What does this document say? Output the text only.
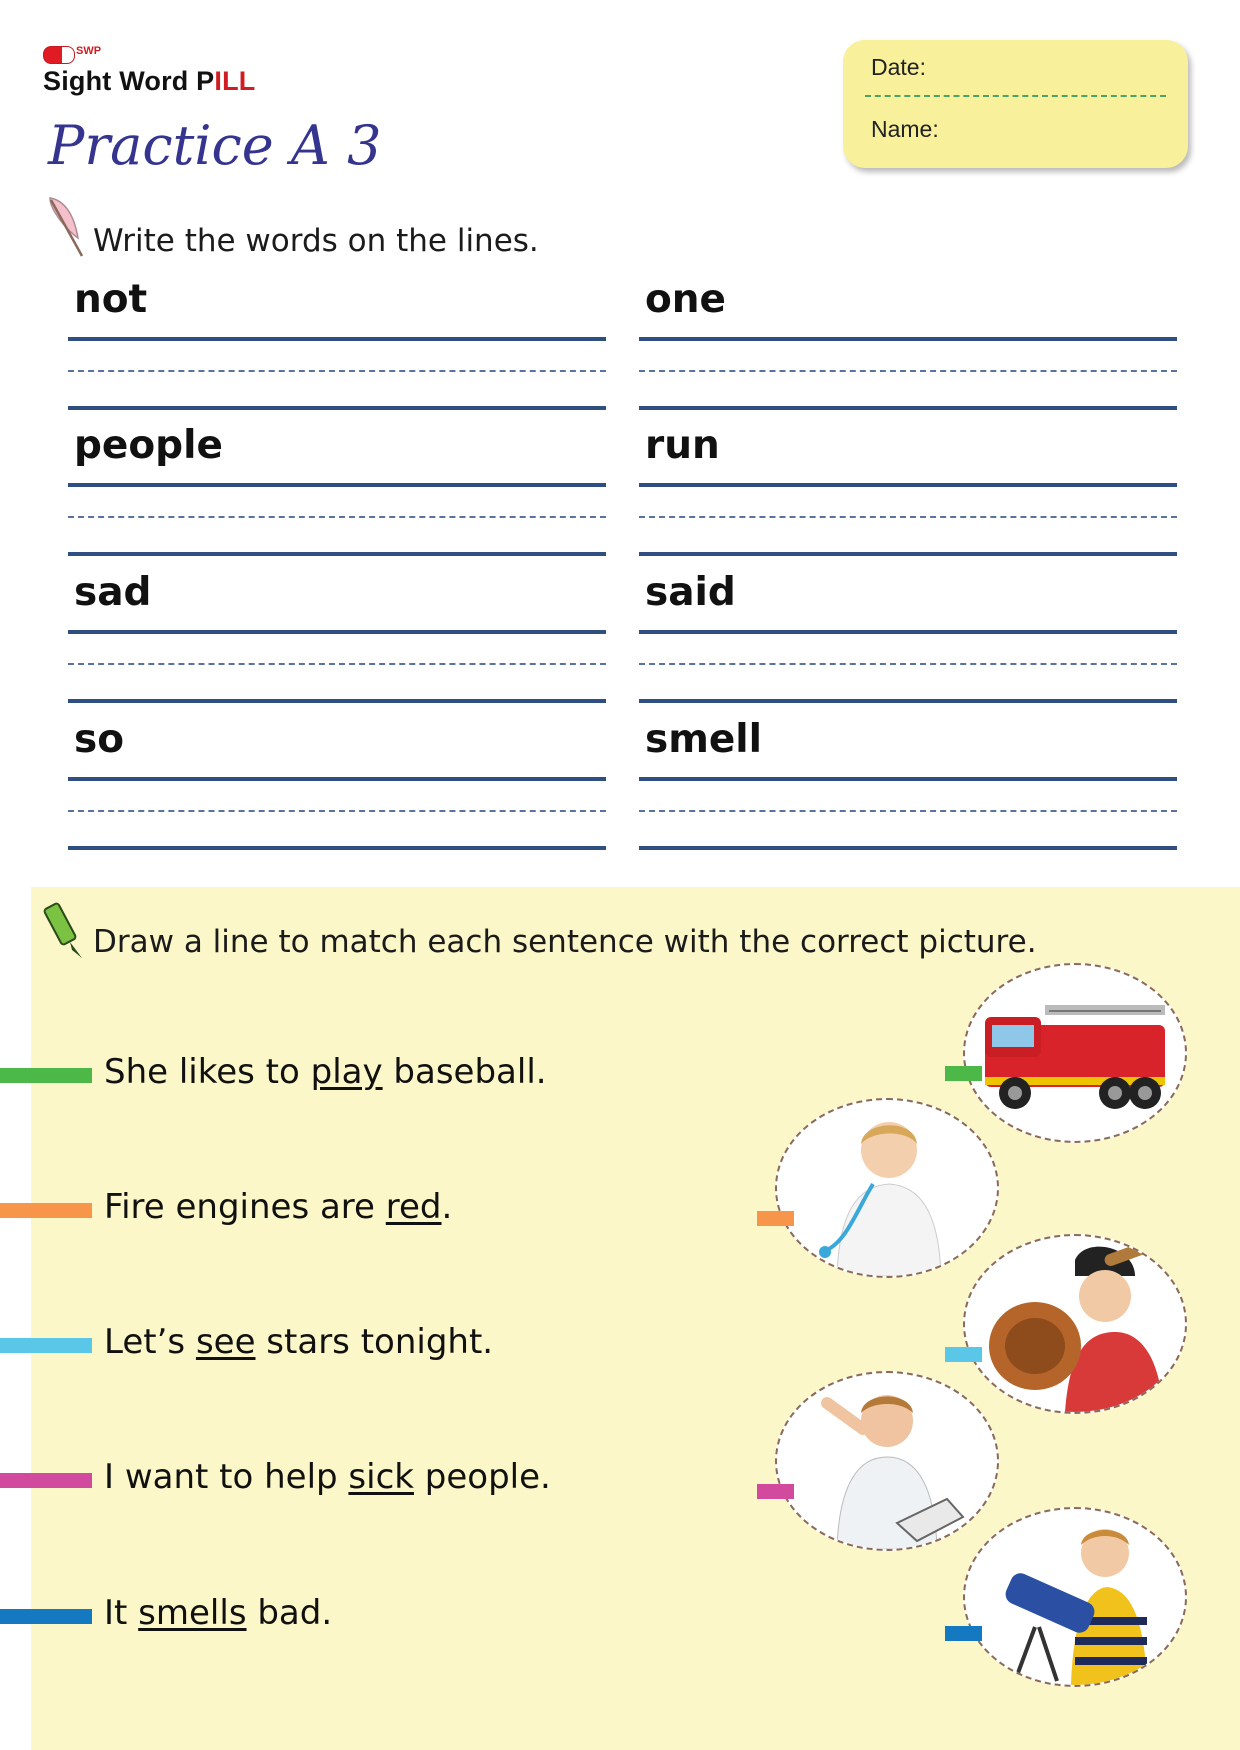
SWP
Sight Word PILL
Practice A 3
Date:
Name:
Write the words on the lines.
not
people
sad
so
one
run
said
smell
Draw a line to match each sentence with the correct picture.
She likes to play baseball.
Fire engines are red.
Let’s see stars tonight.
I want to help sick people.
It smells bad.
